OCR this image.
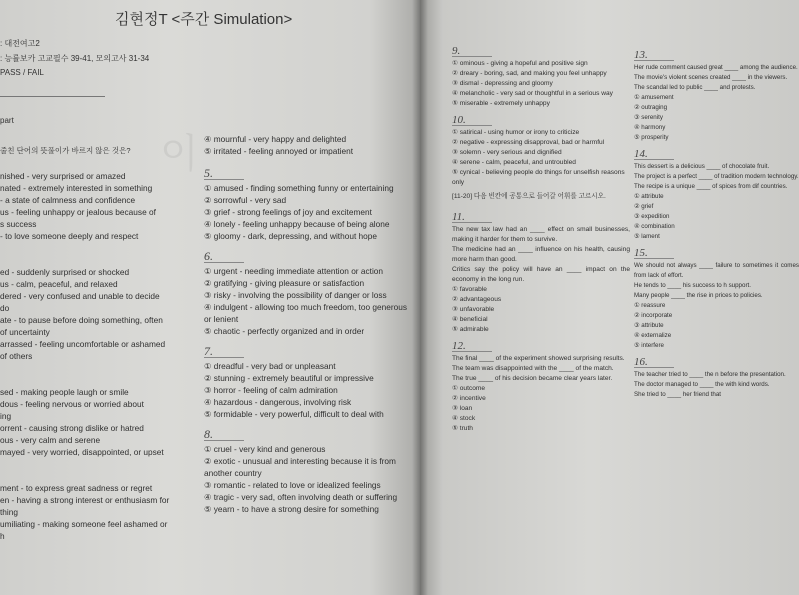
이
김현정T <주간 Simulation>
: 대전여고2
: 능률보카 고교필수 39-41, 모의고사 31-34
PASS / FAIL
part
줄친 단어의 뜻풀이가 바르지 않은 것은?
nished - very surprised or amazed
nated - extremely interested in something
- a state of calmness and confidence
us - feeling unhappy or jealous because of
s success
- to love someone deeply and respect

ed - suddenly surprised or shocked
us - calm, peaceful, and relaxed
dered - very confused and unable to decide
do
ate - to pause before doing something, often
of uncertainty
arrassed - feeling uncomfortable or ashamed
of others

sed - making people laugh or smile
dous - feeling nervous or worried about
ing
orrent - causing strong dislike or hatred
ous - very calm and serene
mayed - very worried, disappointed, or upset

ment - to express great sadness or regret
en - having a strong interest or enthusiasm for
thing
umiliating - making someone feel ashamed or
h
④ mournful - very happy and delighted
⑤ irritated - feeling annoyed or impatient
5.
① amused - finding something funny or entertaining
② sorrowful - very sad
③ grief - strong feelings of joy and excitement
④ lonely - feeling unhappy because of being alone
⑤ gloomy - dark, depressing, and without hope
6.
① urgent - needing immediate attention or action
② gratifying - giving pleasure or satisfaction
③ risky - involving the possibility of danger or loss
④ indulgent - allowing too much freedom, too generous or lenient
⑤ chaotic - perfectly organized and in order
7.
① dreadful - very bad or unpleasant
② stunning - extremely beautiful or impressive
③ horror - feeling of calm admiration
④ hazardous - dangerous, involving risk
⑤ formidable - very powerful, difficult to deal with
8.
① cruel - very kind and generous
② exotic - unusual and interesting because it is from another country
③ romantic - related to love or idealized feelings
④ tragic - very sad, often involving death or suffering
⑤ yearn - to have a strong desire for something
9.
① ominous - giving a hopeful and positive sign
② dreary - boring, sad, and making you feel unhappy
③ dismal - depressing and gloomy
④ melancholic - very sad or thoughtful in a serious way
⑤ miserable - extremely unhappy
10.
① satirical - using humor or irony to criticize
② negative - expressing disapproval, bad or harmful
③ solemn - very serious and dignified
④ serene - calm, peaceful, and untroubled
⑤ cynical - believing people do things for unselfish reasons only
[11-20] 다음 빈칸에 공통으로 들어갈 어휘를 고르시오.
11.
The new tax law had an ____ effect on small businesses, making it harder for them to survive.
The medicine had an ____ influence on his health, causing more harm than good.
Critics say the policy will have an ____ impact on the economy in the long run.
① favorable
② advantageous
③ unfavorable
④ beneficial
⑤ admirable
12.
The final ____ of the experiment showed surprising results.
The team was disappointed with the ____ of the match.
The true ____ of his decision became clear years later.
① outcome
② incentive
③ loan
④ stock
⑤ truth
13.
Her rude comment caused great ____ among the audience.
The movie's violent scenes created ____ in the viewers.
The scandal led to public ____ and protests.
① amusement
② outraging
③ serenity
④ harmony
⑤ prosperity
14.
This dessert is a delicious ____ of chocolate fruit.
The project is a perfect ____ of tradition modern technology.
The recipe is a unique ____ of spices from dif countries.
① attribute
② grief
③ expedition
④ combination
⑤ lament
15.
We should not always ____ failure to sometimes it comes from lack of effort.
He tends to ____ his success to h support.
Many people ____ the rise in prices to policies.
① reassure
② incorporate
③ attribute
④ externalize
⑤ interfere
16.
The teacher tried to ____ the n before the presentation.
The doctor managed to ____ the with kind words.
She tried to ____ her friend that
